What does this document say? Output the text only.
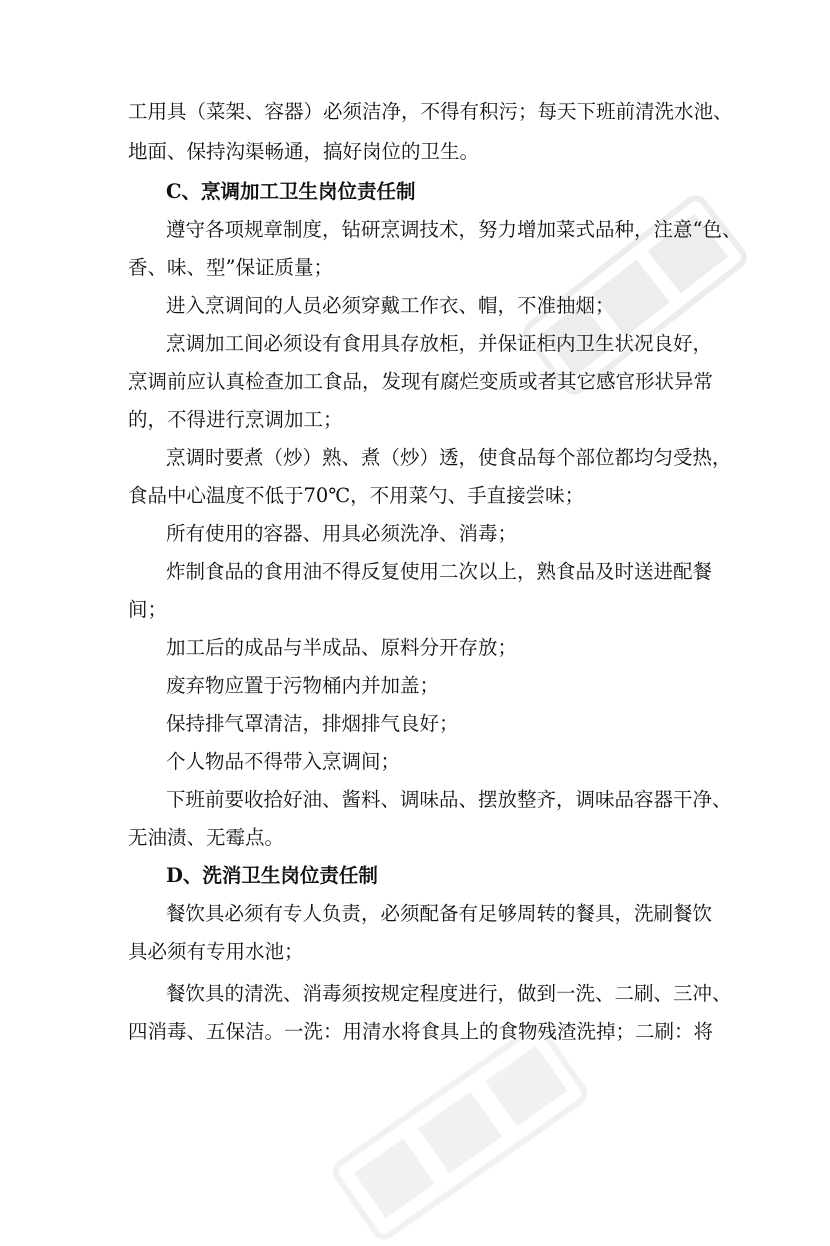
工用具（菜架、容器）必须洁净，不得有积污；每天下班前清洗水池、
地面、保持沟渠畅通，搞好岗位的卫生。
C、烹调加工卫生岗位责任制
遵守各项规章制度，钻研烹调技术，努力增加菜式品种，注意“色、
香、味、型”保证质量；
进入烹调间的人员必须穿戴工作衣、帽，不准抽烟；
烹调加工间必须设有食用具存放柜，并保证柜内卫生状况良好，
烹调前应认真检查加工食品，发现有腐烂变质或者其它感官形状异常
的，不得进行烹调加工；
烹调时要煮（炒）熟、煮（炒）透，使食品每个部位都均匀受热，
食品中心温度不低于70℃，不用菜勺、手直接尝味；
所有使用的容器、用具必须洗净、消毒；
炸制食品的食用油不得反复使用二次以上，熟食品及时送进配餐
间；
加工后的成品与半成品、原料分开存放；
废弃物应置于污物桶内并加盖；
保持排气罩清洁，排烟排气良好；
个人物品不得带入烹调间；
下班前要收拾好油、酱料、调味品、摆放整齐，调味品容器干净、
无油渍、无霉点。
D、洗消卫生岗位责任制
餐饮具必须有专人负责，必须配备有足够周转的餐具，洗刷餐饮
具必须有专用水池；
餐饮具的清洗、消毒须按规定程度进行，做到一洗、二刷、三冲、
四消毒、五保洁。一洗：用清水将食具上的食物残渣洗掉；二刷：将
